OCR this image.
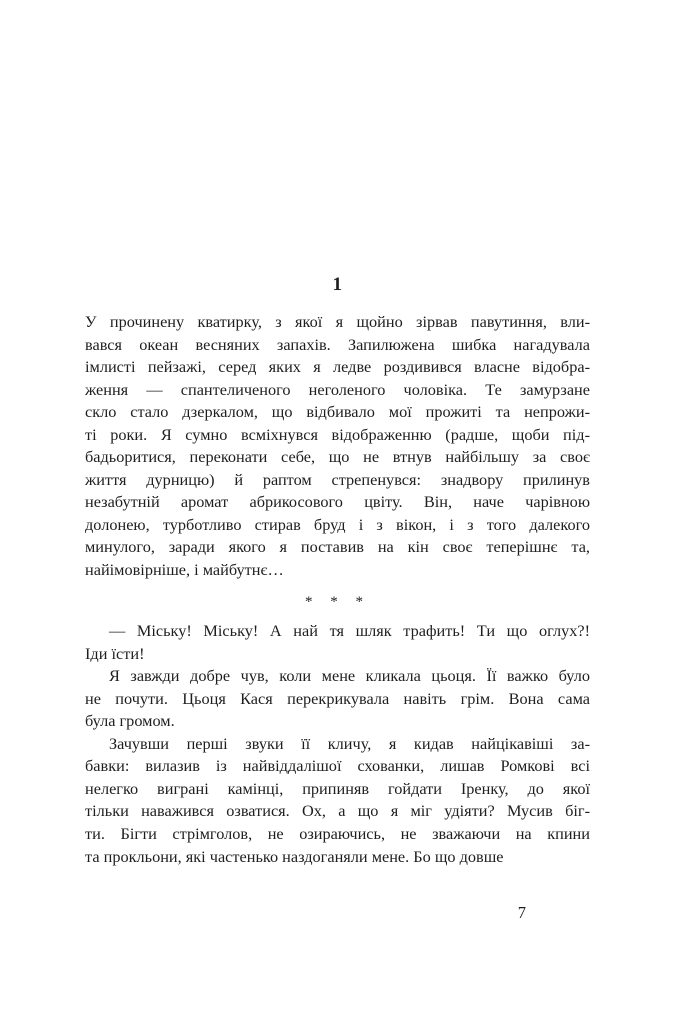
1
У прочинену кватирку, з якої я щойно зірвав павутиння, вли-
вався океан весняних запахів. Запилюжена шибка нагадувала
імлисті пейзажі, серед яких я ледве роздивився власне відобра-
ження — спантеличеного неголеного чоловіка. Те замурзане
скло стало дзеркалом, що відбивало мої прожиті та непрожи-
ті роки. Я сумно всміхнувся відображенню (радше, щоби під-
бадьоритися, переконати себе, що не втнув найбільшу за своє
життя дурницю) й раптом стрепенувся: знадвору прилинув
незабутній аромат абрикосового цвіту. Він, наче чарівною
долонею, турботливо стирав бруд і з вікон, і з того далекого
минулого, заради якого я поставив на кін своє теперішнє та,
найімовірніше, і майбутнє…
* * *
— Міську! Міську! А най тя шляк трафить! Ти що оглух?!
Іди їсти!
Я завжди добре чув, коли мене кликала цьоця. Її важко було
не почути. Цьоця Кася перекрикувала навіть грім. Вона сама
була громом.
Зачувши перші звуки її кличу, я кидав найцікавіші за-
бавки: вилазив із найвіддалішої схованки, лишав Ромкові всі
нелегко виграні камінці, припиняв гойдати Іренку, до якої
тільки наважився озватися. Ох, а що я міг удіяти? Мусив біг-
ти. Бігти стрімголов, не озираючись, не зважаючи на кпини
та прокльони, які частенько наздоганяли мене. Бо що довше
7
